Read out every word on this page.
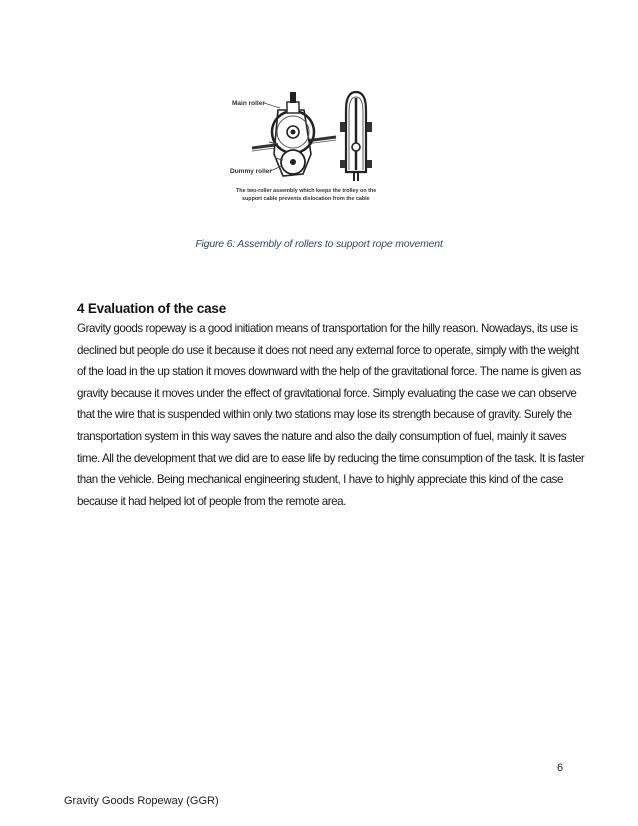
Main roller
Dummy roller
The two-roller assembly which keeps the trolley on the
support cable prevents dislocation from the cable
Figure 6: Assembly of rollers to support rope movement
4 Evaluation of the case
Gravity goods ropeway is a good initiation means of transportation for the hilly reason. Nowadays, its use is
declined but people do use it because it does not need any external force to operate, simply with the weight
of the load in the up station it moves downward with the help of the gravitational force. The name is given as
gravity because it moves under the effect of gravitational force. Simply evaluating the case we can observe
that the wire that is suspended within only two stations may lose its strength because of gravity. Surely the
transportation system in this way saves the nature and also the daily consumption of fuel, mainly it saves
time. All the development that we did are to ease life by reducing the time consumption of the task. It is faster
than the vehicle. Being mechanical engineering student, I have to highly appreciate this kind of the case
because it had helped lot of people from the remote area.
6
Gravity Goods Ropeway (GGR)
